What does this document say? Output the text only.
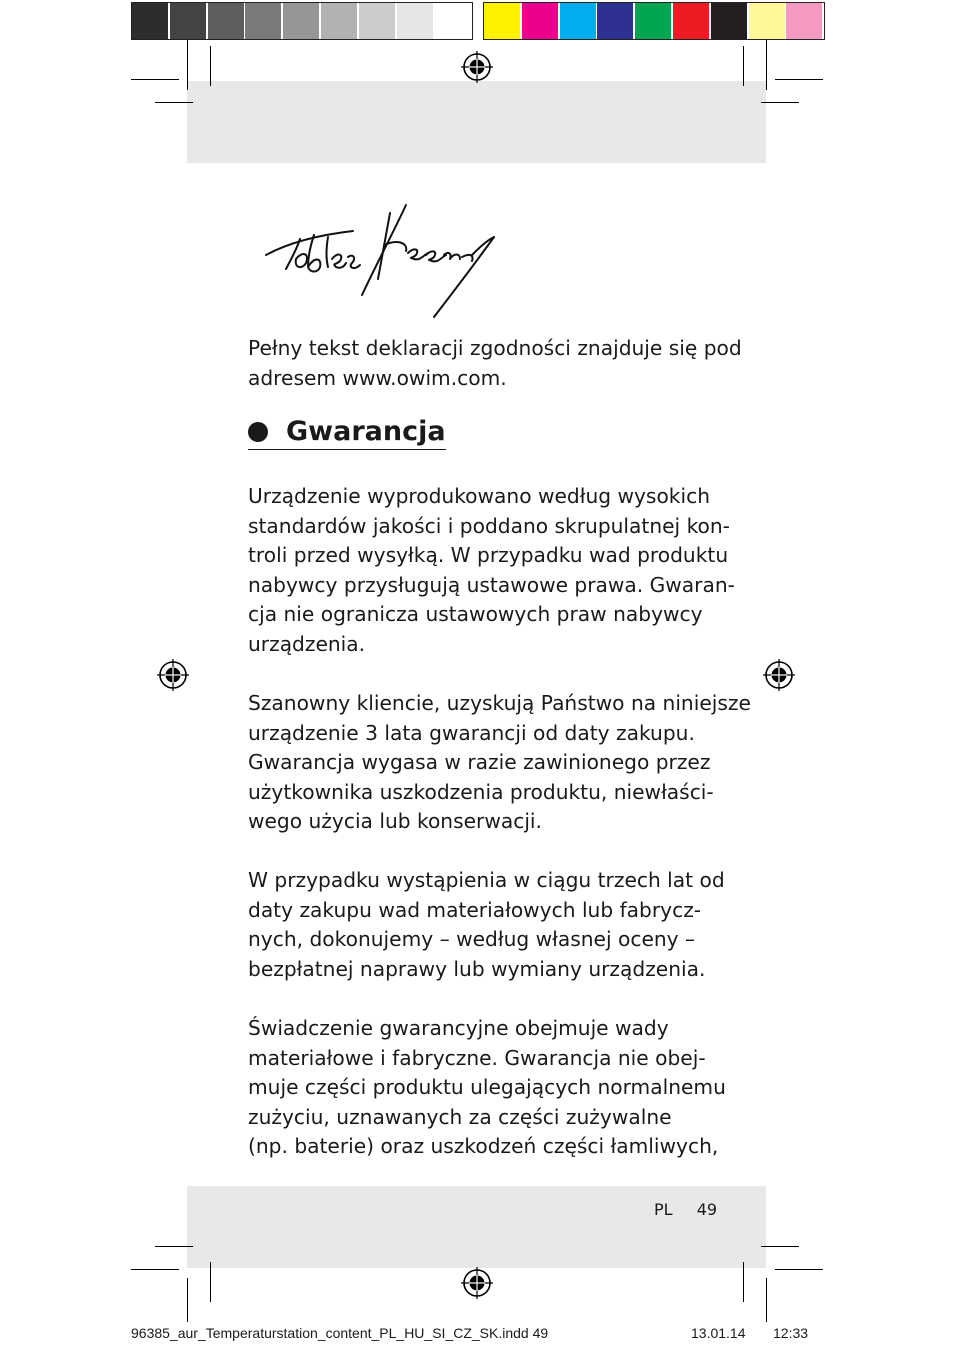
Pełny tekst deklaracji zgodności znajduje się pod

adresem www.owim.com.

Gwarancja

Urządzenie wyprodukowano według wysokich

standardów jakości i poddano skrupulatnej kon-

troli przed wysyłką. W przypadku wad produktu

nabywcy przysługują ustawowe prawa. Gwaran-

cja nie ogranicza ustawowych praw nabywcy

urządzenia.

Szanowny kliencie, uzyskują Państwo na niniejsze

urządzenie 3 lata gwarancji od daty zakupu.

Gwarancja wygasa w razie zawinionego przez

użytkownika uszkodzenia produktu, niewłaści-

wego użycia lub konserwacji.

W przypadku wystąpienia w ciągu trzech lat od

daty zakupu wad materiałowych lub fabrycz-

nych, dokonujemy – według własnej oceny –

bezpłatnej naprawy lub wymiany urządzenia.

Świadczenie gwarancyjne obejmuje wady

materiałowe i fabryczne. Gwarancja nie obej-

muje części produktu ulegających normalnemu

zużyciu, uznawanych za części zużywalne

(np. baterie) oraz uszkodzeń części łamliwych,

PL 49
96385_aur_Temperaturstation_content_PL_HU_SI_CZ_SK.indd 49	13.01.14 12:33
